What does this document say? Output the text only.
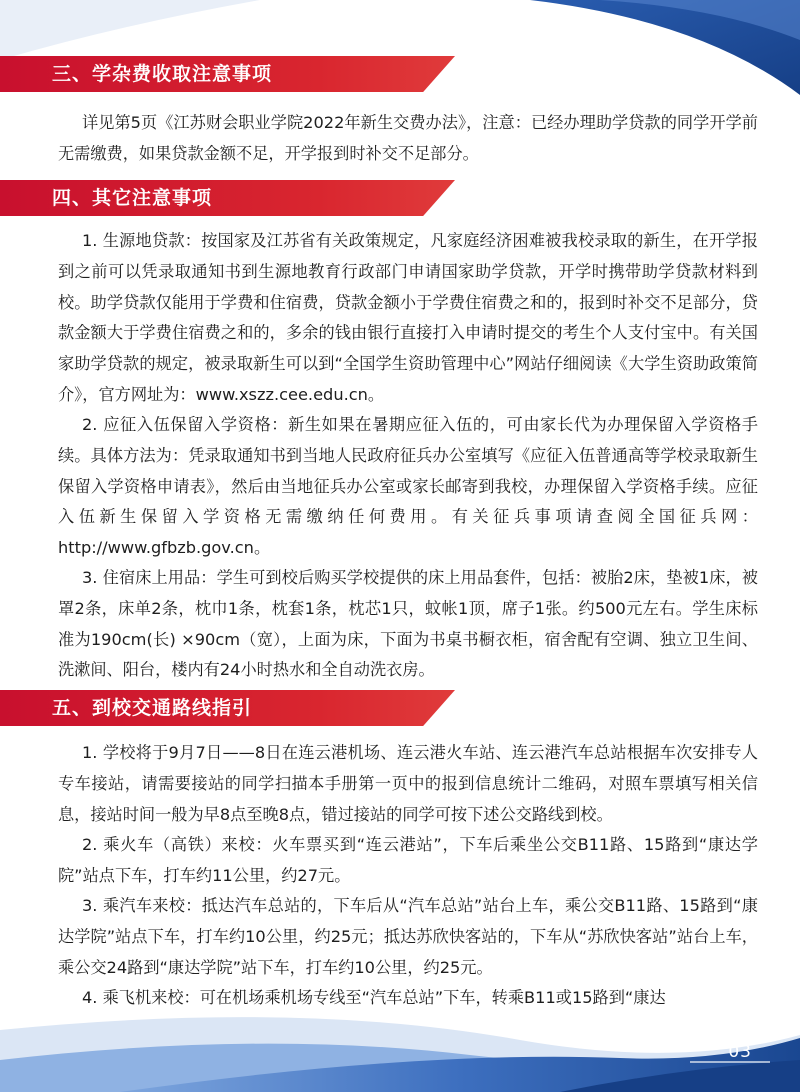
三、学杂费收取注意事项

详见第5页《江苏财会职业学院2022年新生交费办法》，注意：已经办理助学贷款的同学开学前无需缴费，如果贷款金额不足，开学报到时补交不足部分。

四、其它注意事项

1. 生源地贷款：按国家及江苏省有关政策规定，凡家庭经济困难被我校录取的新生，在开学报到之前可以凭录取通知书到生源地教育行政部门申请国家助学贷款，开学时携带助学贷款材料到校。助学贷款仅能用于学费和住宿费，贷款金额小于学费住宿费之和的，报到时补交不足部分，贷款金额大于学费住宿费之和的，多余的钱由银行直接打入申请时提交的考生个人支付宝中。有关国家助学贷款的规定，被录取新生可以到“全国学生资助管理中心”网站仔细阅读《大学生资助政策简介》，官方网址为：www.xszz.cee.edu.cn。

2. 应征入伍保留入学资格：新生如果在暑期应征入伍的，可由家长代为办理保留入学资格手续。具体方法为：凭录取通知书到当地人民政府征兵办公室填写《应征入伍普通高等学校录取新生保留入学资格申请表》，然后由当地征兵办公室或家长邮寄到我校，办理保留入学资格手续。应征入伍新生保留入学资格无需缴纳任何费用。有关征兵事项请查阅全国征兵网：http://www.gfbzb.gov.cn。

3. 住宿床上用品：学生可到校后购买学校提供的床上用品套件，包括：被胎2床，垫被1床，被罩2条，床单2条，枕巾1条，枕套1条，枕芯1只，蚊帐1顶，席子1张。约500元左右。学生床标准为190cm(长) ×90cm（宽），上面为床，下面为书桌书橱衣柜，宿舍配有空调、独立卫生间、洗漱间、阳台，楼内有24小时热水和全自动洗衣房。

五、到校交通路线指引

1. 学校将于9月7日——8日在连云港机场、连云港火车站、连云港汽车总站根据车次安排专人专车接站，请需要接站的同学扫描本手册第一页中的报到信息统计二维码，对照车票填写相关信息，接站时间一般为早8点至晚8点，错过接站的同学可按下述公交路线到校。

2. 乘火车（高铁）来校：火车票买到“连云港站”，下车后乘坐公交B11路、15路到“康达学院”站点下车，打车约11公里，约27元。

3. 乘汽车来校：抵达汽车总站的，下车后从“汽车总站”站台上车，乘公交B11路、15路到“康达学院”站点下车，打车约10公里，约25元；抵达苏欣快客站的，下车从“苏欣快客站”站台上车，乘公交24路到“康达学院”站下车，打车约10公里，约25元。

4. 乘飞机来校：可在机场乘机场专线至“汽车总站”下车，转乘B11或15路到“康达

03
